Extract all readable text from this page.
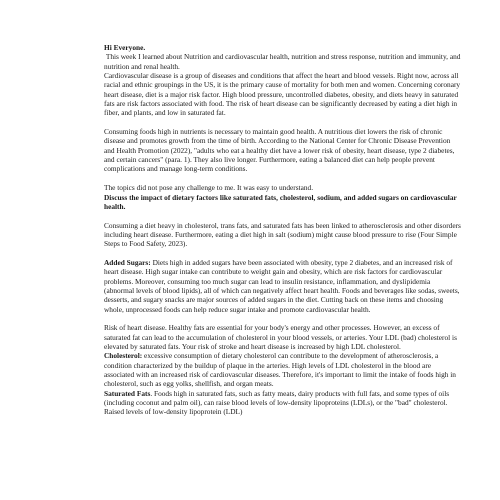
Hi Everyone.

This week I learned about Nutrition and cardiovascular health, nutrition and stress response, nutrition and immunity, and nutrition and renal health.

Cardiovascular disease is a group of diseases and conditions that affect the heart and blood vessels. Right now, across all racial and ethnic groupings in the US, it is the primary cause of mortality for both men and women. Concerning coronary heart disease, diet is a major risk factor. High blood pressure, uncontrolled diabetes, obesity, and diets heavy in saturated fats are risk factors associated with food. The risk of heart disease can be significantly decreased by eating a diet high in fiber, and plants, and low in saturated fat.

Consuming foods high in nutrients is necessary to maintain good health. A nutritious diet lowers the risk of chronic disease and promotes growth from the time of birth. According to the National Center for Chronic Disease Prevention and Health Promotion (2022), "adults who eat a healthy diet have a lower risk of obesity, heart disease, type 2 diabetes, and certain cancers" (para. 1). They also live longer. Furthermore, eating a balanced diet can help people prevent complications and manage long-term conditions.

The topics did not pose any challenge to me. It was easy to understand.

Discuss the impact of dietary factors like saturated fats, cholesterol, sodium, and added sugars on cardiovascular health.

Consuming a diet heavy in cholesterol, trans fats, and saturated fats has been linked to atherosclerosis and other disorders including heart disease. Furthermore, eating a diet high in salt (sodium) might cause blood pressure to rise (Four Simple Steps to Food Safety, 2023).

Added Sugars: Diets high in added sugars have been associated with obesity, type 2 diabetes, and an increased risk of heart disease. High sugar intake can contribute to weight gain and obesity, which are risk factors for cardiovascular problems. Moreover, consuming too much sugar can lead to insulin resistance, inflammation, and dyslipidemia (abnormal levels of blood lipids), all of which can negatively affect heart health. Foods and beverages like sodas, sweets, desserts, and sugary snacks are major sources of added sugars in the diet. Cutting back on these items and choosing whole, unprocessed foods can help reduce sugar intake and promote cardiovascular health.

Risk of heart disease. Healthy fats are essential for your body's energy and other processes. However, an excess of saturated fat can lead to the accumulation of cholesterol in your blood vessels, or arteries. Your LDL (bad) cholesterol is elevated by saturated fats. Your risk of stroke and heart disease is increased by high LDL cholesterol.

Cholesterol: excessive consumption of dietary cholesterol can contribute to the development of atherosclerosis, a condition characterized by the buildup of plaque in the arteries. High levels of LDL cholesterol in the blood are associated with an increased risk of cardiovascular diseases. Therefore, it's important to limit the intake of foods high in cholesterol, such as egg yolks, shellfish, and organ meats.

Saturated Fats. Foods high in saturated fats, such as fatty meats, dairy products with full fats, and some types of oils (including coconut and palm oil), can raise blood levels of low-density lipoproteins (LDLs), or the "bad" cholesterol. Raised levels of low-density lipoprotein (LDL)
